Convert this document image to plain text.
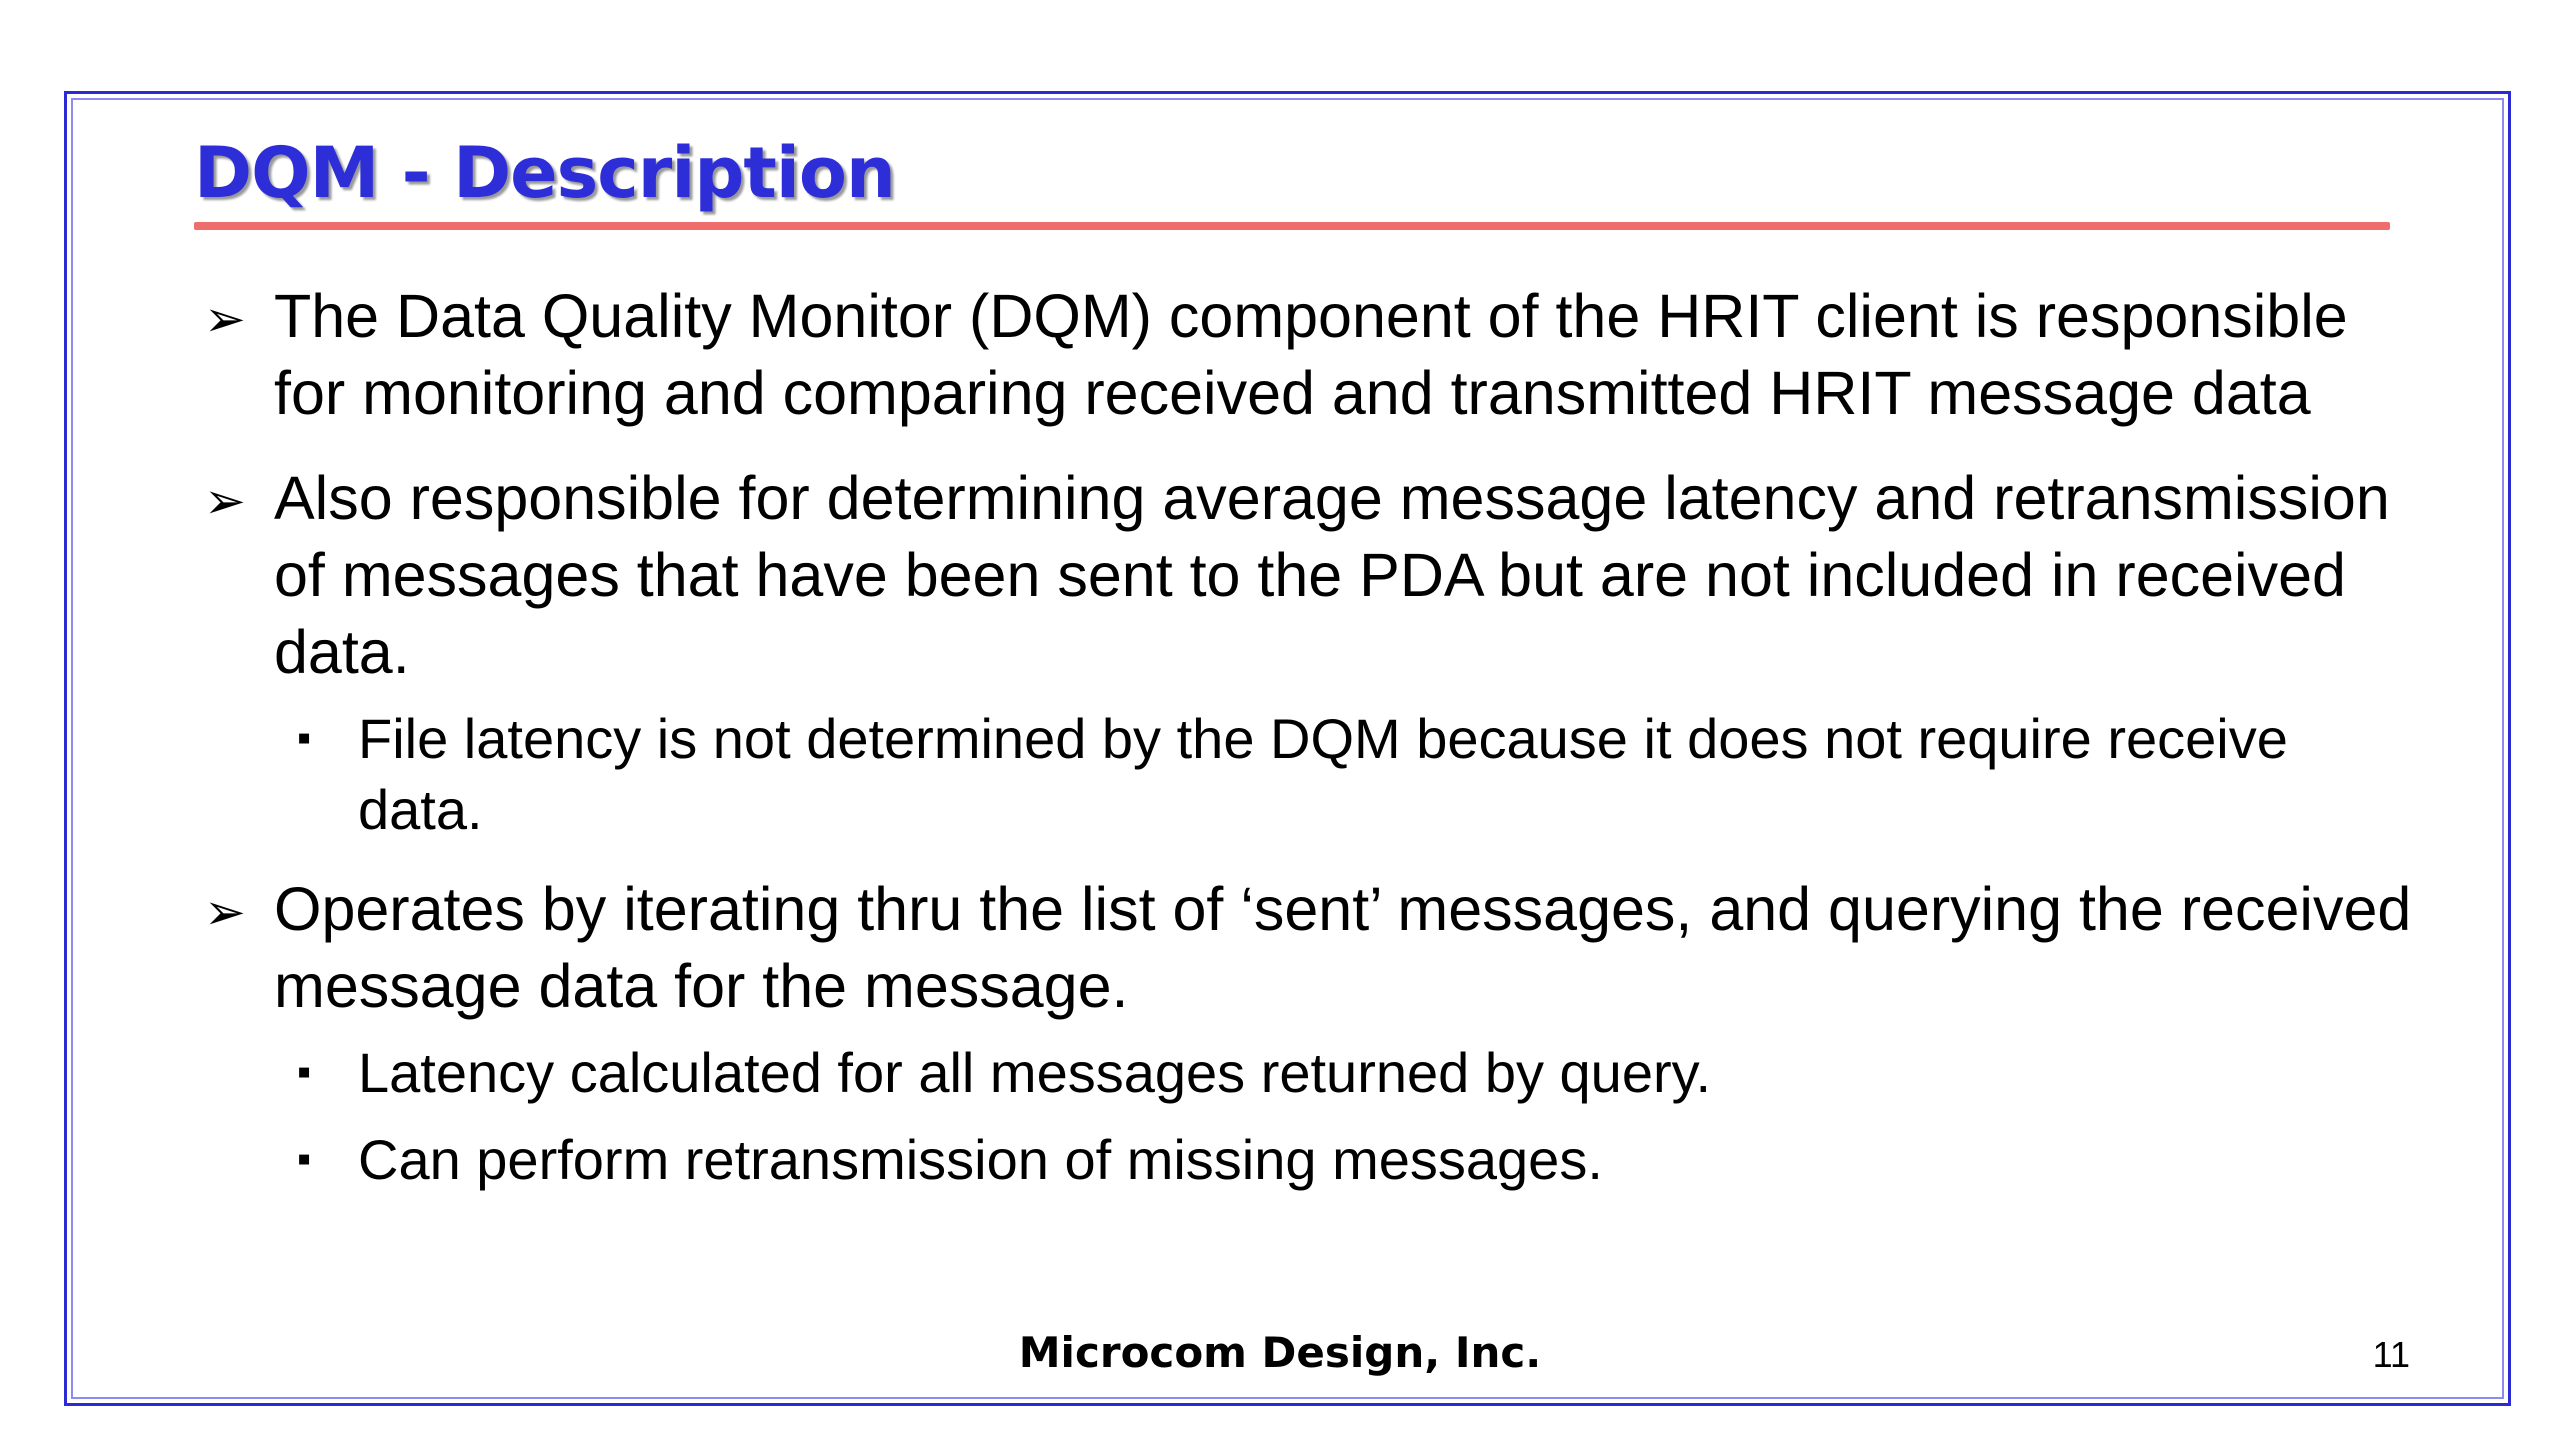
DQM - Description
➢ The Data Quality Monitor (DQM) component of the HRIT client is responsible for monitoring and comparing received and transmitted HRIT message data
➢ Also responsible for determining average message latency and retransmission of messages that have been sent to the PDA but are not included in received data.
▪ File latency is not determined by the DQM because it does not require receive data.
➢ Operates by iterating thru the list of ‘sent’ messages, and querying the received message data for the message.
▪ Latency calculated for all messages returned by query.
▪ Can perform retransmission of missing messages.
Microcom Design, Inc.	11
